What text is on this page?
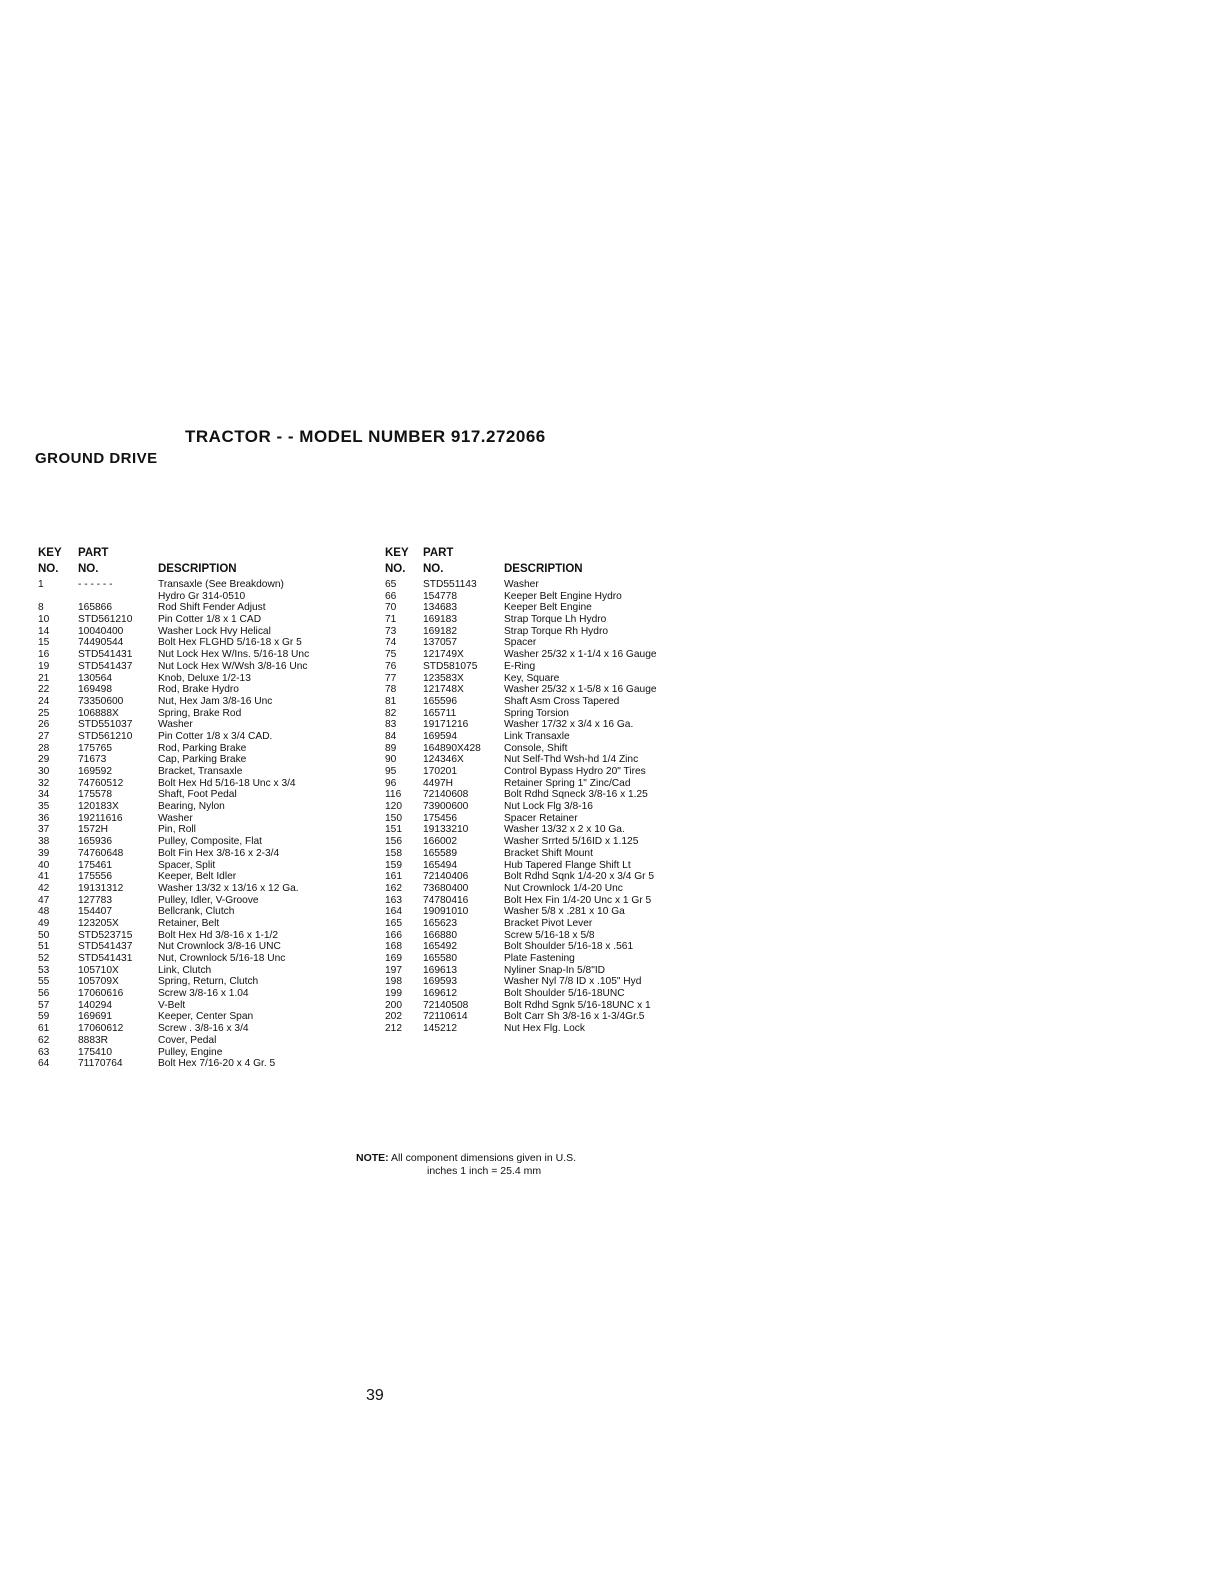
TRACTOR - - MODEL NUMBER 917.272066
GROUND DRIVE
KEY
NO.
PART
NO.	DESCRIPTION
1	- - - - - -	Transaxle (See Breakdown)
Hydro Gr 314-0510
8	165866	Rod Shift Fender Adjust
10	STD561210	Pin Cotter 1/8 x 1 CAD
14	10040400	Washer Lock Hvy Helical
15	74490544	Bolt Hex FLGHD 5/16-18 x Gr 5
16	STD541431	Nut Lock Hex W/Ins. 5/16-18 Unc
19	STD541437	Nut Lock Hex W/Wsh 3/8-16 Unc
21	130564	Knob, Deluxe 1/2-13
22	169498	Rod, Brake Hydro
24	73350600	Nut, Hex Jam 3/8-16 Unc
25	106888X	Spring, Brake Rod
26	STD551037	Washer
27	STD561210	Pin Cotter 1/8 x 3/4 CAD.
28	175765	Rod, Parking Brake
29	71673	Cap, Parking Brake
30	169592	Bracket, Transaxle
32	74760512	Bolt Hex Hd 5/16-18 Unc x 3/4
34	175578	Shaft, Foot Pedal
35	120183X	Bearing, Nylon
36	19211616	Washer
37	1572H	Pin, Roll
38	165936	Pulley, Composite, Flat
39	74760648	Bolt Fin Hex 3/8-16 x 2-3/4
40	175461	Spacer, Split
41	175556	Keeper, Belt Idler
42	19131312	Washer 13/32 x 13/16 x 12 Ga.
47	127783	Pulley, Idler, V-Groove
48	154407	Bellcrank, Clutch
49	123205X	Retainer, Belt
50	STD523715	Bolt Hex Hd 3/8-16 x 1-1/2
51	STD541437	Nut Crownlock 3/8-16 UNC
52	STD541431	Nut, Crownlock 5/16-18 Unc
53	105710X	Link, Clutch
55	105709X	Spring, Return, Clutch
56	17060616	Screw 3/8-16 x 1.04
57	140294	V-Belt
59	169691	Keeper, Center Span
61	17060612	Screw . 3/8-16 x 3/4
62	8883R	Cover, Pedal
63	175410	Pulley, Engine
64	71170764	Bolt Hex 7/16-20 x 4 Gr. 5
KEY
NO.
PART
NO.	DESCRIPTION
65	STD551143	Washer
66	154778	Keeper Belt Engine Hydro
70	134683	Keeper Belt Engine
71	169183	Strap Torque Lh Hydro
73	169182	Strap Torque Rh Hydro
74	137057	Spacer
75	121749X	Washer 25/32 x 1-1/4 x 16 Gauge
76	STD581075	E-Ring
77	123583X	Key, Square
78	121748X	Washer 25/32 x 1-5/8 x 16 Gauge
81	165596	Shaft Asm Cross Tapered
82	165711	Spring Torsion
83	19171216	Washer 17/32 x 3/4 x 16 Ga.
84	169594	Link Transaxle
89	164890X428 Console, Shift
90	124346X	Nut Self-Thd Wsh-hd 1/4 Zinc
95	170201	Control Bypass Hydro 20" Tires
96	4497H	Retainer Spring 1" Zinc/Cad
116 72140608	Bolt Rdhd Sqneck 3/8-16 x 1.25
120 73900600	Nut Lock Flg 3/8-16
150 175456	Spacer Retainer
151 19133210	Washer 13/32 x 2 x 10 Ga.
156 166002	Washer Srrted 5/16ID x 1.125
158 165589	Bracket Shift Mount
159 165494	Hub Tapered Flange Shift Lt
161 72140406	Bolt Rdhd Sqnk 1/4-20 x 3/4 Gr 5
162 73680400	Nut Crownlock 1/4-20 Unc
163 74780416	Bolt Hex Fin 1/4-20 Unc x 1 Gr 5
164 19091010	Washer 5/8 x .281 x 10 Ga
165 165623	Bracket Pivot Lever
166 166880	Screw 5/16-18 x 5/8
168 165492	Bolt Shoulder 5/16-18 x .561
169 165580	Plate Fastening
197 169613	Nyliner Snap-In 5/8"ID
198 169593	Washer Nyl 7/8 ID x .105" Hyd
199 169612	Bolt Shoulder 5/16-18UNC
200 72140508	Bolt Rdhd Sgnk 5/16-18UNC x 1
202 72110614	Bolt Carr Sh 3/8-16 x 1-3/4Gr.5
212 145212	Nut Hex Flg. Lock
NOTE: All component dimensions given in U.S.
inches 1 inch = 25.4 mm
39
